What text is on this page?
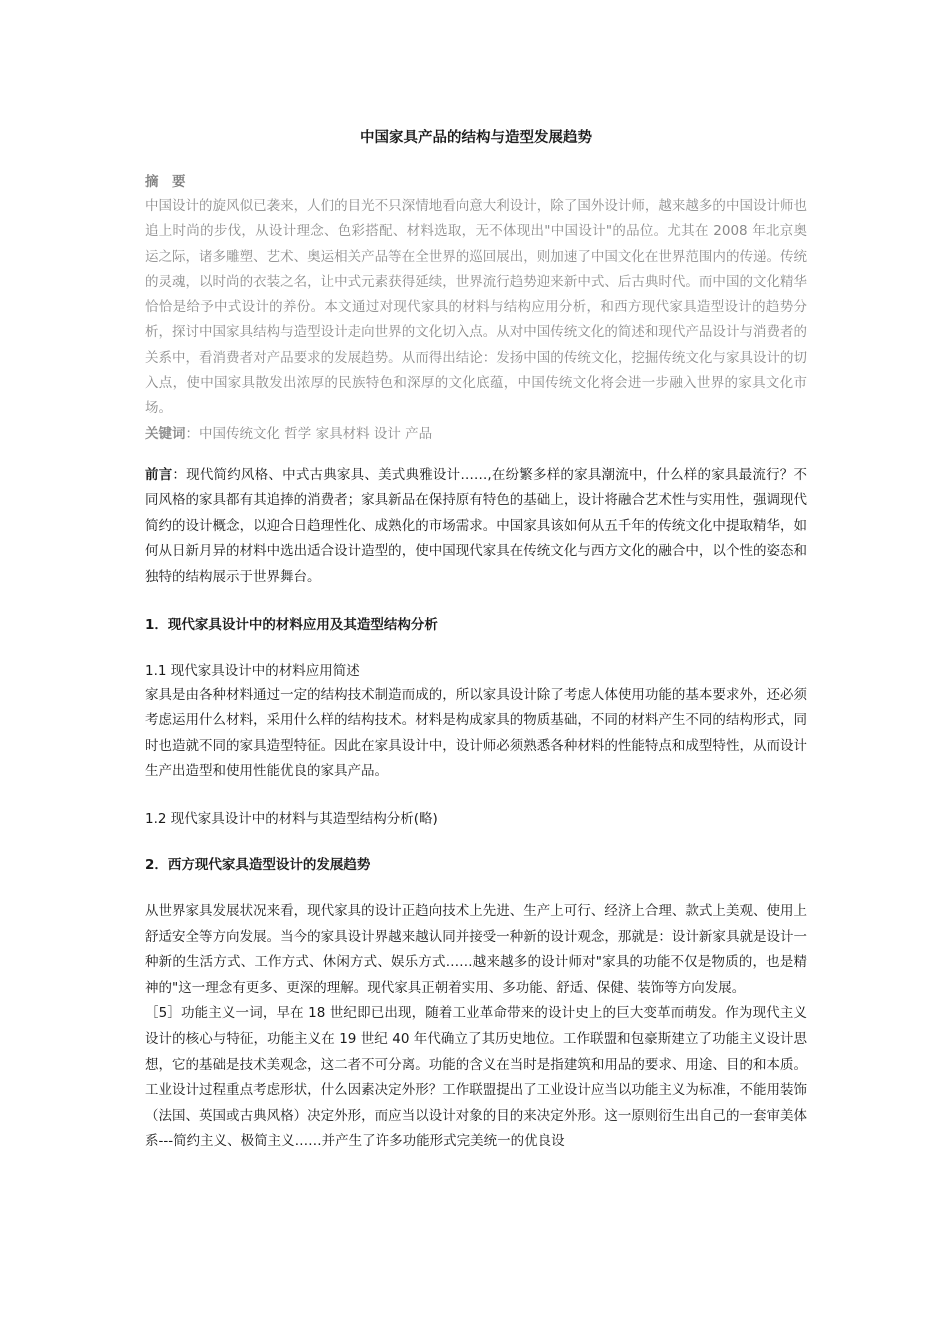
中国家具产品的结构与造型发展趋势

摘　要

中国设计的旋风似已袭来，人们的目光不只深情地看向意大利设计，除了国外设计师，越来越多的中国设计师也追上时尚的步伐，从设计理念、色彩搭配、材料选取，无不体现出"中国设计"的品位。尤其在 2008 年北京奥运之际，诸多雕塑、艺术、奥运相关产品等在全世界的巡回展出，则加速了中国文化在世界范围内的传递。传统的灵魂，以时尚的衣装之名，让中式元素获得延续，世界流行趋势迎来新中式、后古典时代。而中国的文化精华恰恰是给予中式设计的养份。本文通过对现代家具的材料与结构应用分析，和西方现代家具造型设计的趋势分析，探讨中国家具结构与造型设计走向世界的文化切入点。从对中国传统文化的简述和现代产品设计与消费者的关系中，看消费者对产品要求的发展趋势。从而得出结论：发扬中国的传统文化，挖掘传统文化与家具设计的切入点，使中国家具散发出浓厚的民族特色和深厚的文化底蕴，中国传统文化将会进一步融入世界的家具文化市场。

关键词：中国传统文化 哲学 家具材料 设计 产品

前言：现代简约风格、中式古典家具、美式典雅设计……,在纷繁多样的家具潮流中，什么样的家具最流行？不同风格的家具都有其追捧的消费者；家具新品在保持原有特色的基础上，设计将融合艺术性与实用性，强调现代简约的设计概念，以迎合日趋理性化、成熟化的市场需求。中国家具该如何从五千年的传统文化中提取精华，如何从日新月异的材料中选出适合设计造型的，使中国现代家具在传统文化与西方文化的融合中，以个性的姿态和独特的结构展示于世界舞台。

1．现代家具设计中的材料应用及其造型结构分析

1.1 现代家具设计中的材料应用简述

家具是由各种材料通过一定的结构技术制造而成的，所以家具设计除了考虑人体使用功能的基本要求外，还必须考虑运用什么材料，采用什么样的结构技术。材料是构成家具的物质基础，不同的材料产生不同的结构形式，同时也造就不同的家具造型特征。因此在家具设计中，设计师必须熟悉各种材料的性能特点和成型特性，从而设计生产出造型和使用性能优良的家具产品。

1.2 现代家具设计中的材料与其造型结构分析(略)

2．西方现代家具造型设计的发展趋势

从世界家具发展状况来看，现代家具的设计正趋向技术上先进、生产上可行、经济上合理、款式上美观、使用上舒适安全等方向发展。当今的家具设计界越来越认同并接受一种新的设计观念，那就是：设计新家具就是设计一种新的生活方式、工作方式、休闲方式、娱乐方式……越来越多的设计师对"家具的功能不仅是物质的，也是精神的"这一理念有更多、更深的理解。现代家具正朝着实用、多功能、舒适、保健、装饰等方向发展。

［5］功能主义一词，早在 18 世纪即已出现，随着工业革命带来的设计史上的巨大变革而萌发。作为现代主义设计的核心与特征，功能主义在 19 世纪 40 年代确立了其历史地位。工作联盟和包豪斯建立了功能主义设计思想，它的基础是技术美观念，这二者不可分离。功能的含义在当时是指建筑和用品的要求、用途、目的和本质。工业设计过程重点考虑形状，什么因素决定外形？工作联盟提出了工业设计应当以功能主义为标准，不能用装饰（法国、英国或古典风格）决定外形，而应当以设计对象的目的来决定外形。这一原则衍生出自己的一套审美体系---简约主义、极简主义……并产生了许多功能形式完美统一的优良设
